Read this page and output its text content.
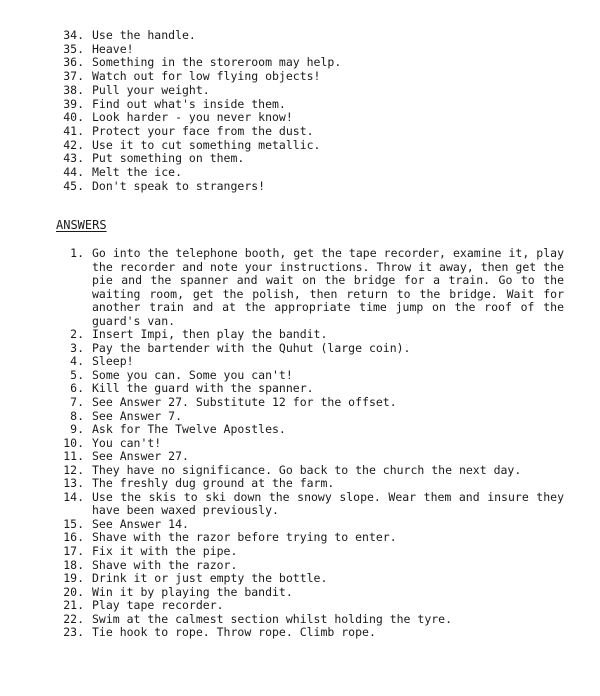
34. Use the handle.
35. Heave!
36. Something in the storeroom may help.
37. Watch out for low flying objects!
38. Pull your weight.
39. Find out what's inside them.
40. Look harder - you never know!
41. Protect your face from the dust.
42. Use it to cut something metallic.
43. Put something on them.
44. Melt the ice.
45. Don't speak to strangers!
ANSWERS
1. Go into the telephone booth, get the tape recorder, examine it, play the recorder and note your instructions. Throw it away, then get the pie and the spanner and wait on the bridge for a train. Go to the waiting room, get the polish, then return to the bridge. Wait for another train and at the appropriate time jump on the roof of the guard's van.
2. Insert Impi, then play the bandit.
3. Pay the bartender with the Quhut (large coin).
4. Sleep!
5. Some you can. Some you can't!
6. Kill the guard with the spanner.
7. See Answer 27. Substitute 12 for the offset.
8. See Answer 7.
9. Ask for The Twelve Apostles.
10. You can't!
11. See Answer 27.
12. They have no significance. Go back to the church the next day.
13. The freshly dug ground at the farm.
14. Use the skis to ski down the snowy slope. Wear them and insure they have been waxed previously.
15. See Answer 14.
16. Shave with the razor before trying to enter.
17. Fix it with the pipe.
18. Shave with the razor.
19. Drink it or just empty the bottle.
20. Win it by playing the bandit.
21. Play tape recorder.
22. Swim at the calmest section whilst holding the tyre.
23. Tie hook to rope. Throw rope. Climb rope.
